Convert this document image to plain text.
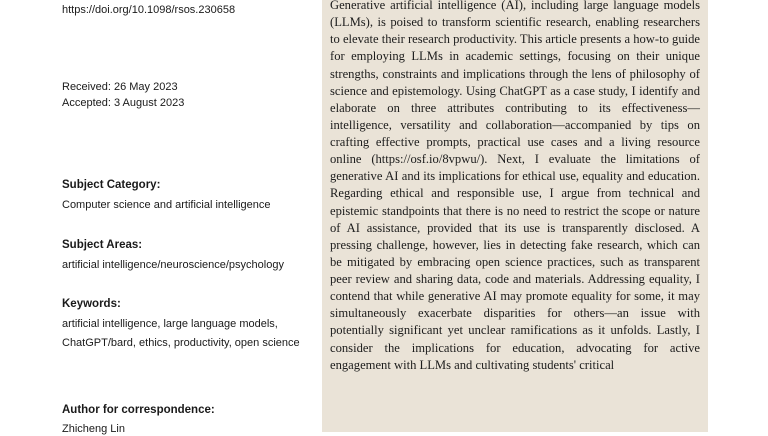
https://doi.org/10.1098/rsos.230658
Received: 26 May 2023
Accepted: 3 August 2023
Subject Category:
Computer science and artificial intelligence
Subject Areas:
artificial intelligence/neuroscience/psychology
Keywords:
artificial intelligence, large language models,
ChatGPT/bard, ethics, productivity, open science
Author for correspondence:
Zhicheng Lin

Generative artificial intelligence (AI), including large language models (LLMs), is poised to transform scientific research, enabling researchers to elevate their research productivity. This article presents a how-to guide for employing LLMs in academic settings, focusing on their unique strengths, constraints and implications through the lens of philosophy of science and epistemology. Using ChatGPT as a case study, I identify and elaborate on three attributes contributing to its effectiveness—intelligence, versatility and collaboration—accompanied by tips on crafting effective prompts, practical use cases and a living resource online (https://osf.io/8vpwu/). Next, I evaluate the limitations of generative AI and its implications for ethical use, equality and education. Regarding ethical and responsible use, I argue from technical and epistemic standpoints that there is no need to restrict the scope or nature of AI assistance, provided that its use is transparently disclosed. A pressing challenge, however, lies in detecting fake research, which can be mitigated by embracing open science practices, such as transparent peer review and sharing data, code and materials. Addressing equality, I contend that while generative AI may promote equality for some, it may simultaneously exacerbate disparities for others—an issue with potentially significant yet unclear ramifications as it unfolds. Lastly, I consider the implications for education, advocating for active engagement with LLMs and cultivating students' critical
